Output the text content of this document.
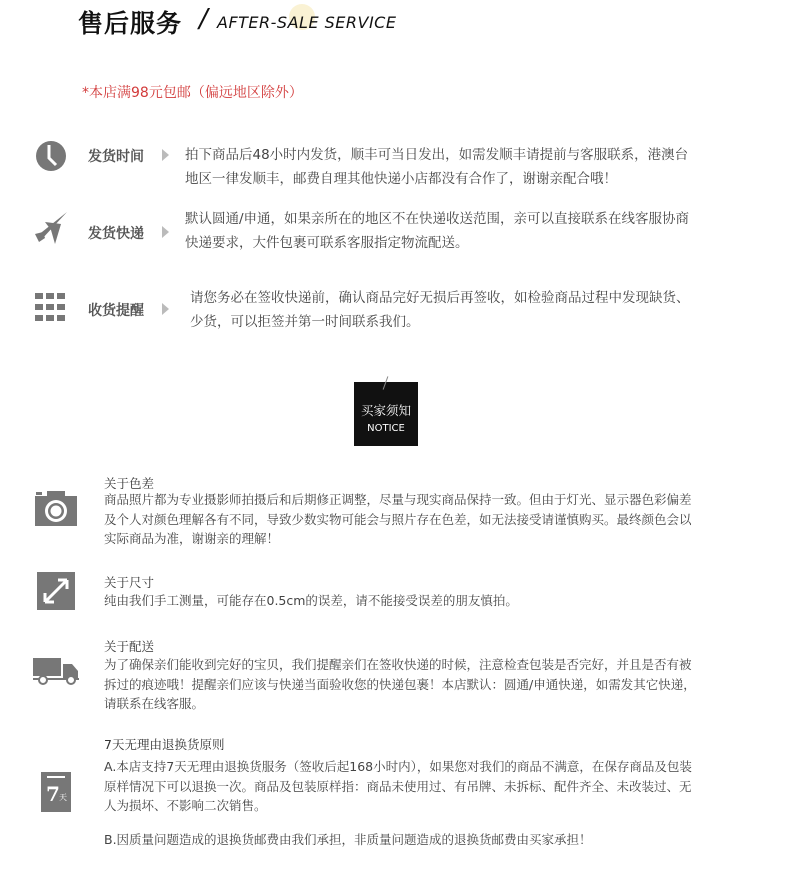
售后服务 / AFTER-SALE SERVICE
*本店满98元包邮（偏远地区除外）
发货时间	拍下商品后48小时内发货，顺丰可当日发出，如需发顺丰请提前与客服联系，港澳台
地区一律发顺丰，邮费自理其他快递小店都没有合作了，谢谢亲配合哦！
发货快递
默认圆通/申通，如果亲所在的地区不在快递收送范围，亲可以直接联系在线客服协商
快递要求，大件包裹可联系客服指定物流配送。
收货提醒
请您务必在签收快递前，确认商品完好无损后再签收，如检验商品过程中发现缺货、
少货，可以拒签并第一时间联系我们。
买家须知
NOTICE
关于色差
商品照片都为专业摄影师拍摄后和后期修正调整，尽量与现实商品保持一致。但由于灯光、显示器色彩偏差
及个人对颜色理解各有不同，导致少数实物可能会与照片存在色差，如无法接受请谨慎购买。最终颜色会以
实际商品为准，谢谢亲的理解！
关于尺寸
纯由我们手工测量，可能存在0.5cm的误差，请不能接受误差的朋友慎拍。
关于配送
为了确保亲们能收到完好的宝贝，我们提醒亲们在签收快递的时候，注意检查包装是否完好，并且是否有被
拆过的痕迹哦！提醒亲们应该与快递当面验收您的快递包裹！本店默认：圆通/申通快递，如需发其它快递，
请联系在线客服。
7 天
7天无理由退换货原则
A.本店支持7天无理由退换货服务（签收后起168小时内），如果您对我们的商品不满意，在保存商品及包装
原样情况下可以退换一次。商品及包装原样指：商品未使用过、有吊牌、未拆标、配件齐全、未改装过、无
人为损坏、不影响二次销售。
B.因质量问题造成的退换货邮费由我们承担，非质量问题造成的退换货邮费由买家承担！
